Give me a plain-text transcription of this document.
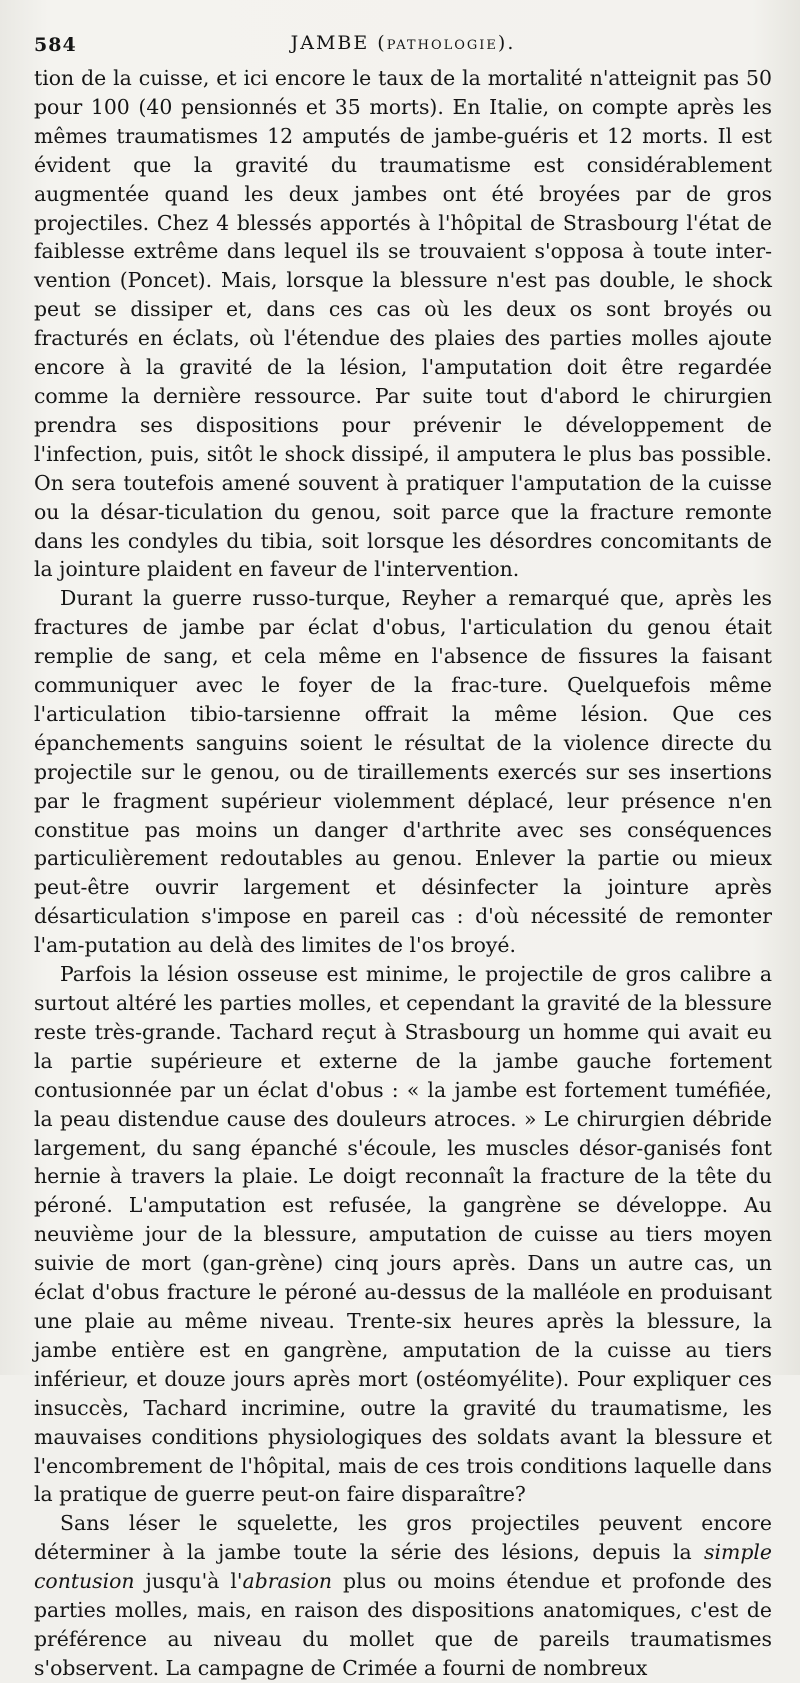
584	JAMBE (PATHOLOGIE).

tion de la cuisse, et ici encore le taux de la mortalité n'atteignit pas 50 pour 100 (40 pensionnés et 35 morts). En Italie, on compte après les mêmes traumatismes 12 amputés de jambe-guéris et 12 morts. Il est évident que la gravité du traumatisme est considérablement augmentée quand les deux jambes ont été broyées par de gros projectiles. Chez 4 blessés apportés à l'hôpital de Strasbourg l'état de faiblesse extrême dans lequel ils se trouvaient s'opposa à toute inter-vention (Poncet). Mais, lorsque la blessure n'est pas double, le shock peut se dissiper et, dans ces cas où les deux os sont broyés ou fracturés en éclats, où l'étendue des plaies des parties molles ajoute encore à la gravité de la lésion, l'amputation doit être regardée comme la dernière ressource. Par suite tout d'abord le chirurgien prendra ses dispositions pour prévenir le développement de l'infection, puis, sitôt le shock dissipé, il amputera le plus bas possible. On sera toutefois amené souvent à pratiquer l'amputation de la cuisse ou la désar-ticulation du genou, soit parce que la fracture remonte dans les condyles du tibia, soit lorsque les désordres concomitants de la jointure plaident en faveur de l'intervention.

Durant la guerre russo-turque, Reyher a remarqué que, après les fractures de jambe par éclat d'obus, l'articulation du genou était remplie de sang, et cela même en l'absence de fissures la faisant communiquer avec le foyer de la frac-ture. Quelquefois même l'articulation tibio-tarsienne offrait la même lésion. Que ces épanchements sanguins soient le résultat de la violence directe du projectile sur le genou, ou de tiraillements exercés sur ses insertions par le fragment supérieur violemment déplacé, leur présence n'en constitue pas moins un danger d'arthrite avec ses conséquences particulièrement redoutables au genou. Enlever la partie ou mieux peut-être ouvrir largement et désinfecter la jointure après désarticulation s'impose en pareil cas : d'où nécessité de remonter l'am-putation au delà des limites de l'os broyé.

Parfois la lésion osseuse est minime, le projectile de gros calibre a surtout altéré les parties molles, et cependant la gravité de la blessure reste très-grande. Tachard reçut à Strasbourg un homme qui avait eu la partie supérieure et externe de la jambe gauche fortement contusionnée par un éclat d'obus : « la jambe est fortement tuméfiée, la peau distendue cause des douleurs atroces. » Le chirurgien débride largement, du sang épanché s'écoule, les muscles désor-ganisés font hernie à travers la plaie. Le doigt reconnaît la fracture de la tête du péroné. L'amputation est refusée, la gangrène se développe. Au neuvième jour de la blessure, amputation de cuisse au tiers moyen suivie de mort (gan-grène) cinq jours après. Dans un autre cas, un éclat d'obus fracture le péroné au-dessus de la malléole en produisant une plaie au même niveau. Trente-six heures après la blessure, la jambe entière est en gangrène, amputation de la cuisse au tiers inférieur, et douze jours après mort (ostéomyélite). Pour expliquer ces insuccès, Tachard incrimine, outre la gravité du traumatisme, les mauvaises conditions physiologiques des soldats avant la blessure et l'encombrement de l'hôpital, mais de ces trois conditions laquelle dans la pratique de guerre peut-on faire disparaître?

Sans léser le squelette, les gros projectiles peuvent encore déterminer à la jambe toute la série des lésions, depuis la simple contusion jusqu'à l'abrasion plus ou moins étendue et profonde des parties molles, mais, en raison des dispositions anatomiques, c'est de préférence au niveau du mollet que de pareils traumatismes s'observent. La campagne de Crimée a fourni de nombreux
